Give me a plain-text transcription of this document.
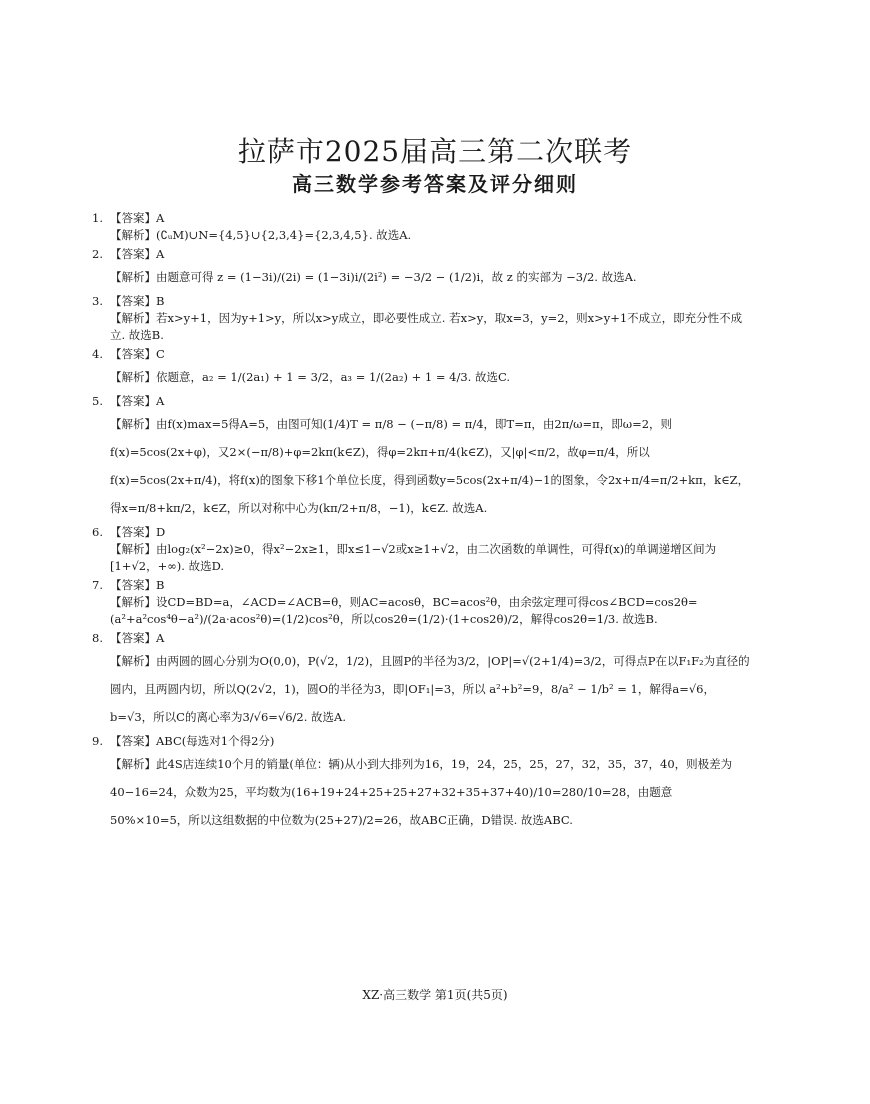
拉萨市2025届高三第二次联考
高三数学参考答案及评分细则
1. 【答案】A
【解析】(∁ᵤM)∪N={4,5}∪{2,3,4}={2,3,4,5}. 故选A.
2. 【答案】A
【解析】由题意可得 z = (1−3i)/(2i) = (1−3i)i/(2i²) = −3/2 − (1/2)i，故 z 的实部为 −3/2. 故选A.
3. 【答案】B
【解析】若x>y+1，因为y+1>y，所以x>y成立，即必要性成立. 若x>y，取x=3，y=2，则x>y+1不成立，即充分性不成立. 故选B.
4. 【答案】C
【解析】依题意，a₂ = 1/(2a₁) + 1 = 3/2，a₃ = 1/(2a₂) + 1 = 4/3. 故选C.
5. 【答案】A
【解析】由f(x)max=5得A=5，由图可知(1/4)T = π/8 − (−π/8) = π/4，即T=π，由2π/ω=π，即ω=2，则f(x)=5cos(2x+φ)，又2×(−π/8)+φ=2kπ(k∈Z)，得φ=2kπ+π/4(k∈Z)，又|φ|<π/2，故φ=π/4，所以f(x)=5cos(2x+π/4)，将f(x)的图象下移1个单位长度，得到函数y=5cos(2x+π/4)−1的图象，令2x+π/4=π/2+kπ，k∈Z，得x=π/8+kπ/2，k∈Z，所以对称中心为(kπ/2+π/8，−1)，k∈Z. 故选A.
6. 【答案】D
【解析】由log₂(x²−2x)≥0，得x²−2x≥1，即x≤1−√2或x≥1+√2，由二次函数的单调性，可得f(x)的单调递增区间为[1+√2，+∞). 故选D.
7. 【答案】B
【解析】设CD=BD=a，∠ACD=∠ACB=θ，则AC=acosθ，BC=acos²θ，由余弦定理可得cos∠BCD=cos2θ=(a²+a²cos⁴θ−a²)/(2a·acos²θ)=(1/2)cos²θ，所以cos2θ=(1/2)·(1+cos2θ)/2，解得cos2θ=1/3. 故选B.
8. 【答案】A
【解析】由两圆的圆心分别为O(0,0)，P(√2，1/2)，且圆P的半径为3/2，|OP|=√(2+1/4)=3/2，可得点P在以F₁F₂为直径的圆内，且两圆内切，所以Q(2√2，1)，圆O的半径为3，即|OF₁|=3，所以 a²+b²=9，8/a² − 1/b² = 1，解得a=√6，b=√3，所以C的离心率为3/√6=√6/2. 故选A.
9. 【答案】ABC(每选对1个得2分)
【解析】此4S店连续10个月的销量(单位：辆)从小到大排列为16，19，24，25，25，27，32，35，37，40，则极差为40−16=24，众数为25，平均数为(16+19+24+25+25+27+32+35+37+40)/10=280/10=28，由题意50%×10=5，所以这组数据的中位数为(25+27)/2=26，故ABC正确，D错误. 故选ABC.
XZ·高三数学 第1页(共5页)
